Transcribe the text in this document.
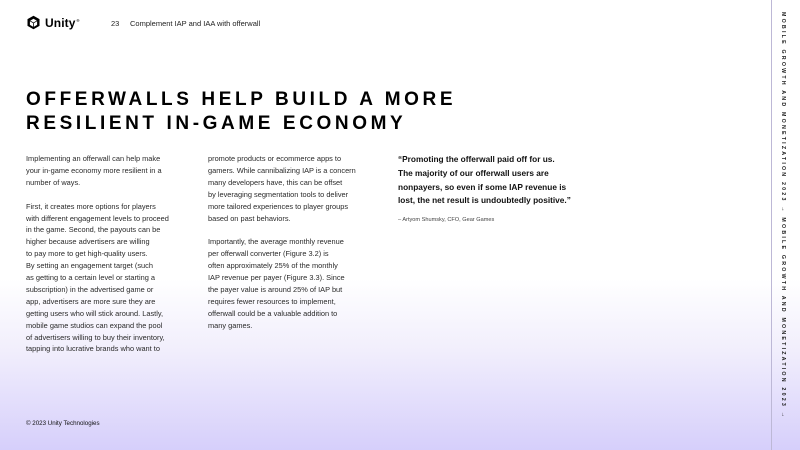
Unity®	23 Complement IAP and IAA with offerwall
OFFERWALLS HELP BUILD A MORE
RESILIENT IN-GAME ECONOMY

Implementing an offerwall can help make
your in-game economy more resilient in a
number of ways.

First, it creates more options for players
with different engagement levels to proceed
in the game. Second, the payouts can be
higher because advertisers are willing
to pay more to get high-quality users.
By setting an engagement target (such
as getting to a certain level or starting a
subscription) in the advertised game or
app, advertisers are more sure they are
getting users who will stick around. Lastly,
mobile game studios can expand the pool
of advertisers willing to buy their inventory,
tapping into lucrative brands who want to

promote products or ecommerce apps to
gamers. While cannibalizing IAP is a concern
many developers have, this can be offset
by leveraging segmentation tools to deliver
more tailored experiences to player groups
based on past behaviors.

Importantly, the average monthly revenue
per offerwall converter (Figure 3.2) is
often approximately 25% of the monthly
IAP revenue per payer (Figure 3.3). Since
the payer value is around 25% of IAP but
requires fewer resources to implement,
offerwall could be a valuable addition to
many games.

“Promoting the offerwall paid off for us.
The majority of our offerwall users are
nonpayers, so even if some IAP revenue is
lost, the net result is undoubtedly positive.”
– Artyom Shumsky, CFO, Gear Games
© 2023 Unity Technologies
MOBILE GROWTH AND MONETIZATION 2023 → MOBILE GROWTH AND MONETIZATION 2023 →
